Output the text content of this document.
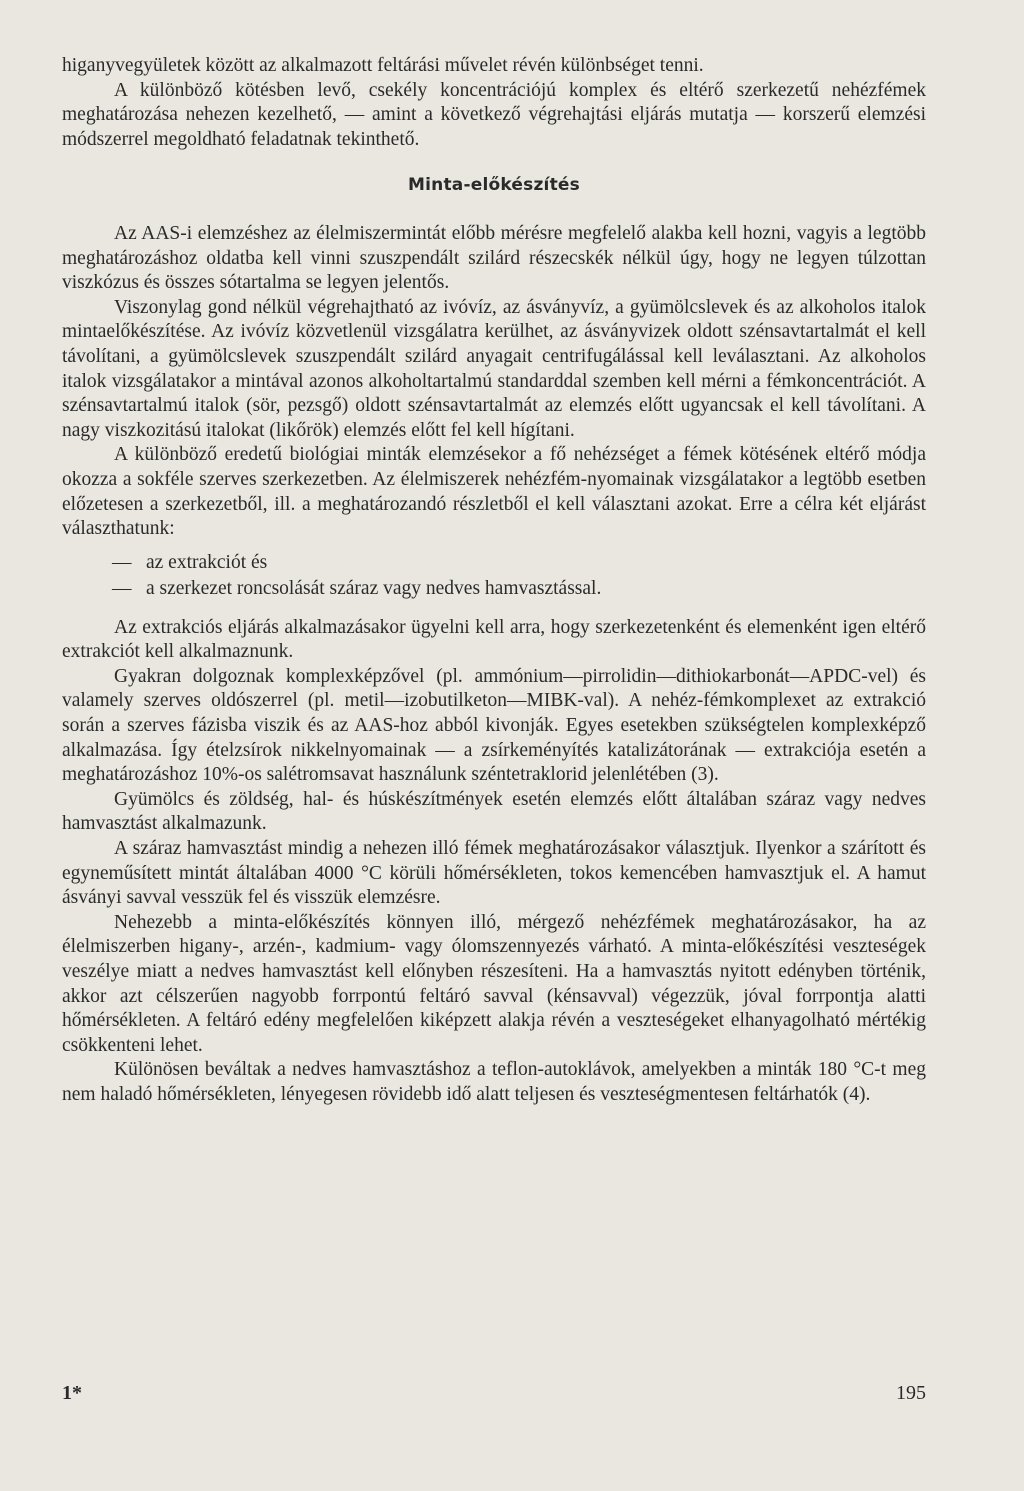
higanyvegyületek között az alkalmazott feltárási művelet révén különbséget tenni.

A különböző kötésben levő, csekély koncentrációjú komplex és eltérő szerkezetű nehézfémek meghatározása nehezen kezelhető, — amint a következő végrehajtási eljárás mutatja — korszerű elemzési módszerrel megoldható feladatnak tekinthető.

Minta-előkészítés

Az AAS-i elemzéshez az élelmiszermintát előbb mérésre megfelelő alakba kell hozni, vagyis a legtöbb meghatározáshoz oldatba kell vinni szuszpendált szilárd részecskék nélkül úgy, hogy ne legyen túlzottan viszkózus és összes sótartalma se legyen jelentős.

Viszonylag gond nélkül végrehajtható az ivóvíz, az ásványvíz, a gyümölcslevek és az alkoholos italok mintaelőkészítése. Az ivóvíz közvetlenül vizsgálatra kerülhet, az ásványvizek oldott szénsavtartalmát el kell távolítani, a gyümölcslevek szuszpendált szilárd anyagait centrifugálással kell leválasztani. Az alkoholos italok vizsgálatakor a mintával azonos alkoholtartalmú standarddal szemben kell mérni a fémkoncentrációt. A szénsavtartalmú italok (sör, pezsgő) oldott szénsavtartalmát az elemzés előtt ugyancsak el kell távolítani. A nagy viszkozitású italokat (likőrök) elemzés előtt fel kell hígítani.

A különböző eredetű biológiai minták elemzésekor a fő nehézséget a fémek kötésének eltérő módja okozza a sokféle szerves szerkezetben. Az élelmiszerek nehézfém-nyomainak vizsgálatakor a legtöbb esetben előzetesen a szerkezetből, ill. a meghatározandó részletből el kell választani azokat. Erre a célra két eljárást választhatunk:

— az extrakciót és
— a szerkezet roncsolását száraz vagy nedves hamvasztással.

Az extrakciós eljárás alkalmazásakor ügyelni kell arra, hogy szerkezetenként és elemenként igen eltérő extrakciót kell alkalmaznunk.

Gyakran dolgoznak komplexképzővel (pl. ammónium—pirrolidin—dithiokarbonát—APDC-vel) és valamely szerves oldószerrel (pl. metil—izobutilketon—MIBK-val). A nehéz-fémkomplexet az extrakció során a szerves fázisba viszik és az AAS-hoz abból kivonják. Egyes esetekben szükségtelen komplexképző alkalmazása. Így ételzsírok nikkelnyomainak — a zsírkeményítés katalizátorának — extrakciója esetén a meghatározáshoz 10%-os salétromsavat használunk széntetraklorid jelenlétében (3).

Gyümölcs és zöldség, hal- és húskészítmények esetén elemzés előtt általában száraz vagy nedves hamvasztást alkalmazunk.

A száraz hamvasztást mindig a nehezen illó fémek meghatározásakor választjuk. Ilyenkor a szárított és egyneműsített mintát általában 4000 °C körüli hőmérsékleten, tokos kemencében hamvasztjuk el. A hamut ásványi savval vesszük fel és visszük elemzésre.

Nehezebb a minta-előkészítés könnyen illó, mérgező nehézfémek meghatározásakor, ha az élelmiszerben higany-, arzén-, kadmium- vagy ólomszennyezés várható. A minta-előkészítési veszteségek veszélye miatt a nedves hamvasztást kell előnyben részesíteni. Ha a hamvasztás nyitott edényben történik, akkor azt célszerűen nagyobb forrpontú feltáró savval (kénsavval) végezzük, jóval forrpontja alatti hőmérsékleten. A feltáró edény megfelelően kiképzett alakja révén a veszteségeket elhanyagolható mértékig csökkenteni lehet.

Különösen beváltak a nedves hamvasztáshoz a teflon-autoklávok, amelyekben a minták 180 °C-t meg nem haladó hőmérsékleten, lényegesen rövidebb idő alatt teljesen és veszteségmentesen feltárhatók (4).

1*	195
